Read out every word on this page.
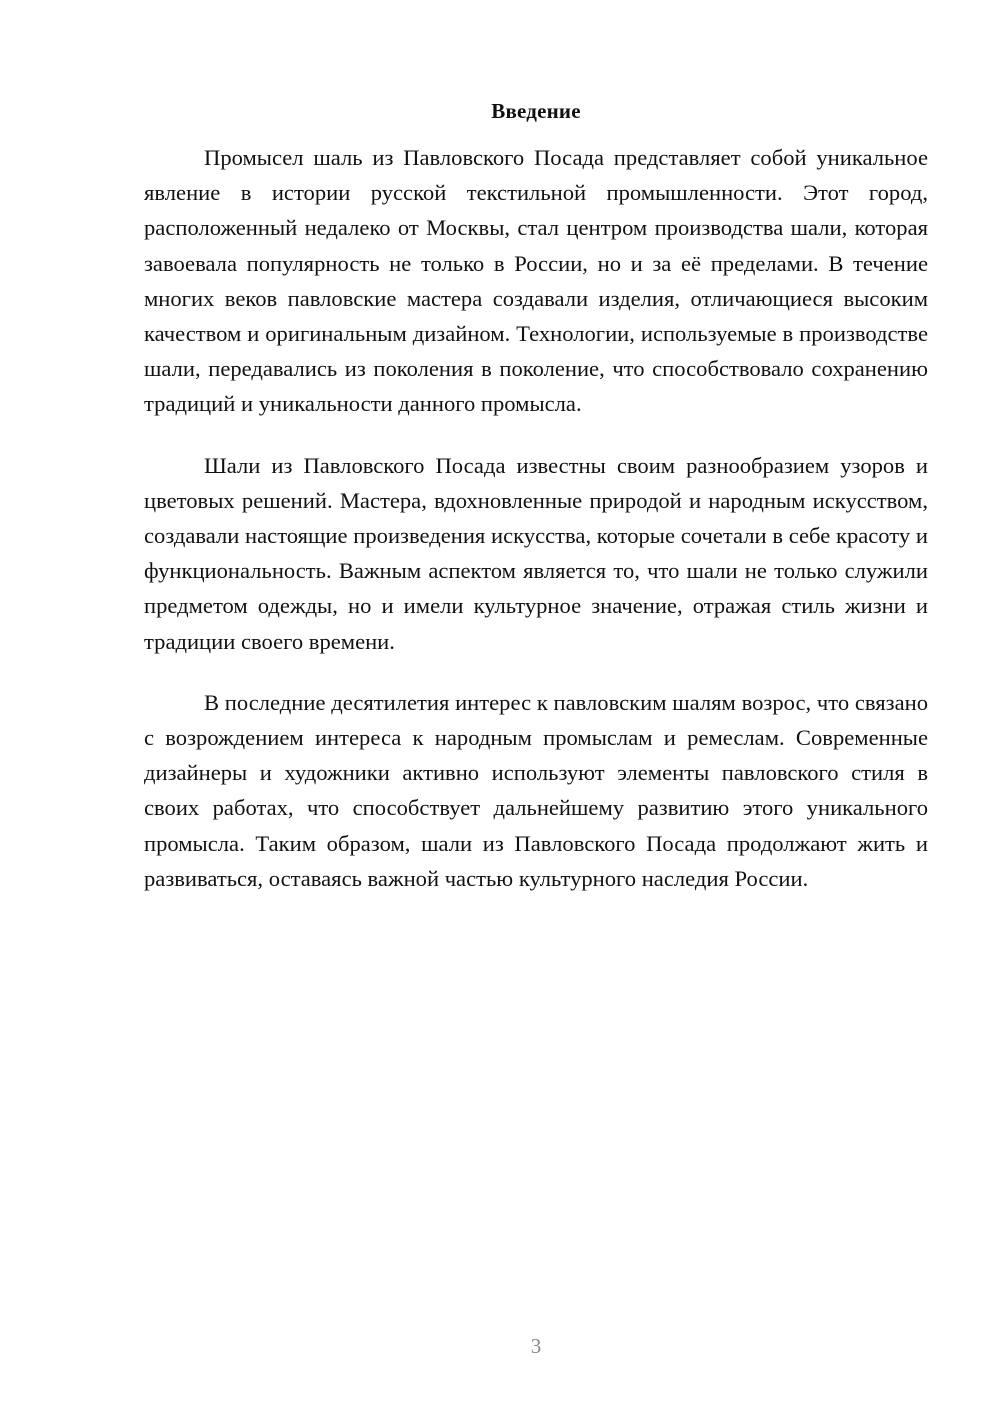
Введение

Промысел шаль из Павловского Посада представляет собой уникальное явление в истории русской текстильной промышленности. Этот город, расположенный недалеко от Москвы, стал центром производства шали, которая завоевала популярность не только в России, но и за её пределами. В течение многих веков павловские мастера создавали изделия, отличающиеся высоким качеством и оригинальным дизайном. Технологии, используемые в производстве шали, передавались из поколения в поколение, что способствовало сохранению традиций и уникальности данного промысла.

Шали из Павловского Посада известны своим разнообразием узоров и цветовых решений. Мастера, вдохновленные природой и народным искусством, создавали настоящие произведения искусства, которые сочетали в себе красоту и функциональность. Важным аспектом является то, что шали не только служили предметом одежды, но и имели культурное значение, отражая стиль жизни и традиции своего времени.

В последние десятилетия интерес к павловским шалям возрос, что связано с возрождением интереса к народным промыслам и ремеслам. Современные дизайнеры и художники активно используют элементы павловского стиля в своих работах, что способствует дальнейшему развитию этого уникального промысла. Таким образом, шали из Павловского Посада продолжают жить и развиваться, оставаясь важной частью культурного наследия России.

3
